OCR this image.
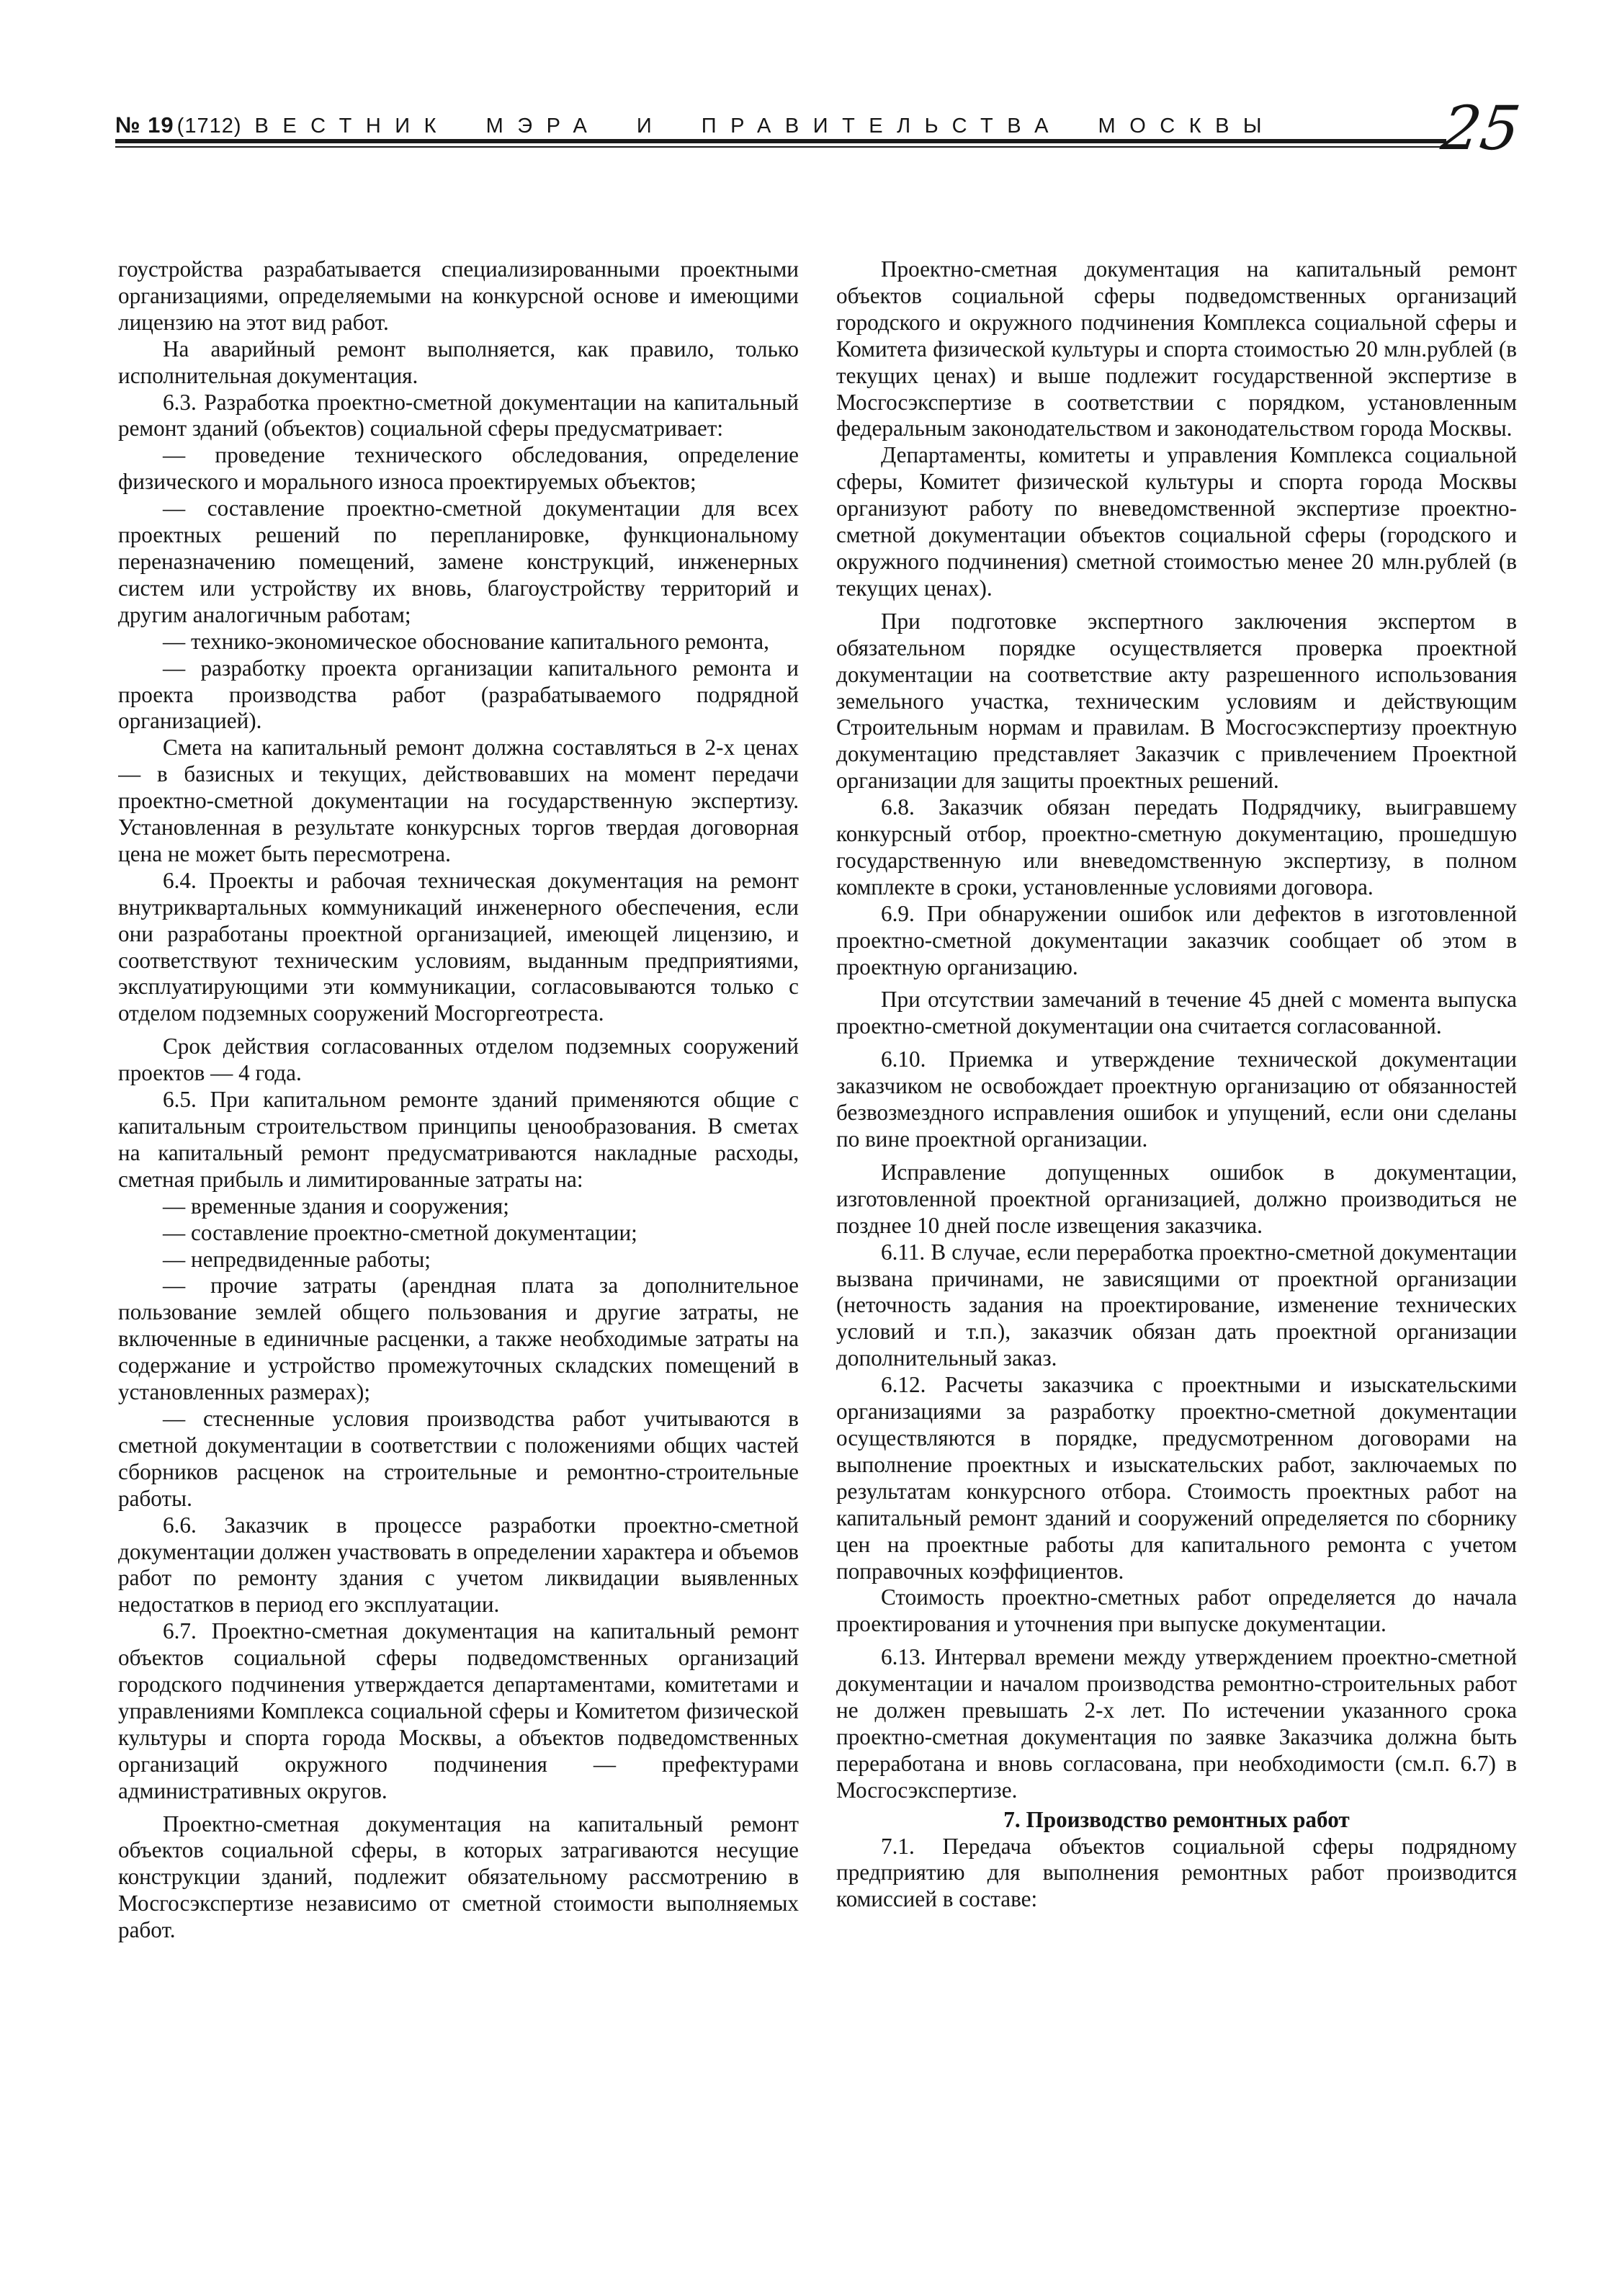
№ 19 (1712) ВЕСТНИК МЭРА И ПРАВИТЕЛЬСТВА МОСКВЫ	25

гоустройства разрабатывается специализированными проектными организациями, определяемыми на конкурсной основе и имеющими лицензию на этот вид работ.

На аварийный ремонт выполняется, как правило, только исполнительная документация.

6.3. Разработка проектно-сметной документации на капитальный ремонт зданий (объектов) социальной сферы предусматривает:

— проведение технического обследования, определение физического и морального износа проектируемых объектов;

— составление проектно-сметной документации для всех проектных решений по перепланировке, функциональному переназначению помещений, замене конструкций, инженерных систем или устройству их вновь, благоустройству территорий и другим аналогичным работам;

— технико-экономическое обоснование капитального ремонта,

— разработку проекта организации капитального ремонта и проекта производства работ (разрабатываемого подрядной организацией).

Смета на капитальный ремонт должна составляться в 2-х ценах — в базисных и текущих, действовавших на момент передачи проектно-сметной документации на государственную экспертизу. Установленная в результате конкурсных торгов твердая договорная цена не может быть пересмотрена.

6.4. Проекты и рабочая техническая документация на ремонт внутриквартальных коммуникаций инженерного обеспечения, если они разработаны проектной организацией, имеющей лицензию, и соответствуют техническим условиям, выданным предприятиями, эксплуатирующими эти коммуникации, согласовываются только с отделом подземных сооружений Мосгоргеотреста.

Срок действия согласованных отделом подземных сооружений проектов — 4 года.

6.5. При капитальном ремонте зданий применяются общие с капитальным строительством принципы ценообразования. В сметах на капитальный ремонт предусматриваются накладные расходы, сметная прибыль и лимитированные затраты на:

— временные здания и сооружения;

— составление проектно-сметной документации;

— непредвиденные работы;

— прочие затраты (арендная плата за дополнительное пользование землей общего пользования и другие затраты, не включенные в единичные расценки, а также необходимые затраты на содержание и устройство промежуточных складских помещений в установленных размерах);

— стесненные условия производства работ учитываются в сметной документации в соответствии с положениями общих частей сборников расценок на строительные и ремонтно-строительные работы.

6.6. Заказчик в процессе разработки проектно-сметной документации должен участвовать в определении характера и объемов работ по ремонту здания с учетом ликвидации выявленных недостатков в период его эксплуатации.

6.7. Проектно-сметная документация на капитальный ремонт объектов социальной сферы подведомственных организаций городского подчинения утверждается департаментами, комитетами и управлениями Комплекса социальной сферы и Комитетом физической культуры и спорта города Москвы, а объектов подведомственных организаций окружного подчинения — префектурами административных округов.

Проектно-сметная документация на капитальный ремонт объектов социальной сферы, в которых затрагиваются несущие конструкции зданий, подлежит обязательному рассмотрению в Мосгосэкспертизе независимо от сметной стоимости выполняемых работ.

Проектно-сметная документация на капитальный ремонт объектов социальной сферы подведомственных организаций городского и окружного подчинения Комплекса социальной сферы и Комитета физической культуры и спорта стоимостью 20 млн.рублей (в текущих ценах) и выше подлежит государственной экспертизе в Мосгосэкспертизе в соответствии с порядком, установленным федеральным законодательством и законодательством города Москвы.

Департаменты, комитеты и управления Комплекса социальной сферы, Комитет физической культуры и спорта города Москвы организуют работу по вневедомственной экспертизе проектно-сметной документации объектов социальной сферы (городского и окружного подчинения) сметной стоимостью менее 20 млн.рублей (в текущих ценах).

При подготовке экспертного заключения экспертом в обязательном порядке осуществляется проверка проектной документации на соответствие акту разрешенного использования земельного участка, техническим условиям и действующим Строительным нормам и правилам. В Мосгосэкспертизу проектную документацию представляет Заказчик с привлечением Проектной организации для защиты проектных решений.

6.8. Заказчик обязан передать Подрядчику, выигравшему конкурсный отбор, проектно-сметную документацию, прошедшую государственную или вневедомственную экспертизу, в полном комплекте в сроки, установленные условиями договора.

6.9. При обнаружении ошибок или дефектов в изготовленной проектно-сметной документации заказчик сообщает об этом в проектную организацию.

При отсутствии замечаний в течение 45 дней с момента выпуска проектно-сметной документации она считается согласованной.

6.10. Приемка и утверждение технической документации заказчиком не освобождает проектную организацию от обязанностей безвозмездного исправления ошибок и упущений, если они сделаны по вине проектной организации.

Исправление допущенных ошибок в документации, изготовленной проектной организацией, должно производиться не позднее 10 дней после извещения заказчика.

6.11. В случае, если переработка проектно-сметной документации вызвана причинами, не зависящими от проектной организации (неточность задания на проектирование, изменение технических условий и т.п.), заказчик обязан дать проектной организации дополнительный заказ.

6.12. Расчеты заказчика с проектными и изыскательскими организациями за разработку проектно-сметной документации осуществляются в порядке, предусмотренном договорами на выполнение проектных и изыскательских работ, заключаемых по результатам конкурсного отбора. Стоимость проектных работ на капитальный ремонт зданий и сооружений определяется по сборнику цен на проектные работы для капитального ремонта с учетом поправочных коэффициентов.

Стоимость проектно-сметных работ определяется до начала проектирования и уточнения при выпуске документации.

6.13. Интервал времени между утверждением проектно-сметной документации и началом производства ремонтно-строительных работ не должен превышать 2-х лет. По истечении указанного срока проектно-сметная документация по заявке Заказчика должна быть переработана и вновь согласована, при необходимости (см.п. 6.7) в Мосгосэкспертизе.

7. Производство ремонтных работ

7.1. Передача объектов социальной сферы подрядному предприятию для выполнения ремонтных работ производится комиссией в составе:
